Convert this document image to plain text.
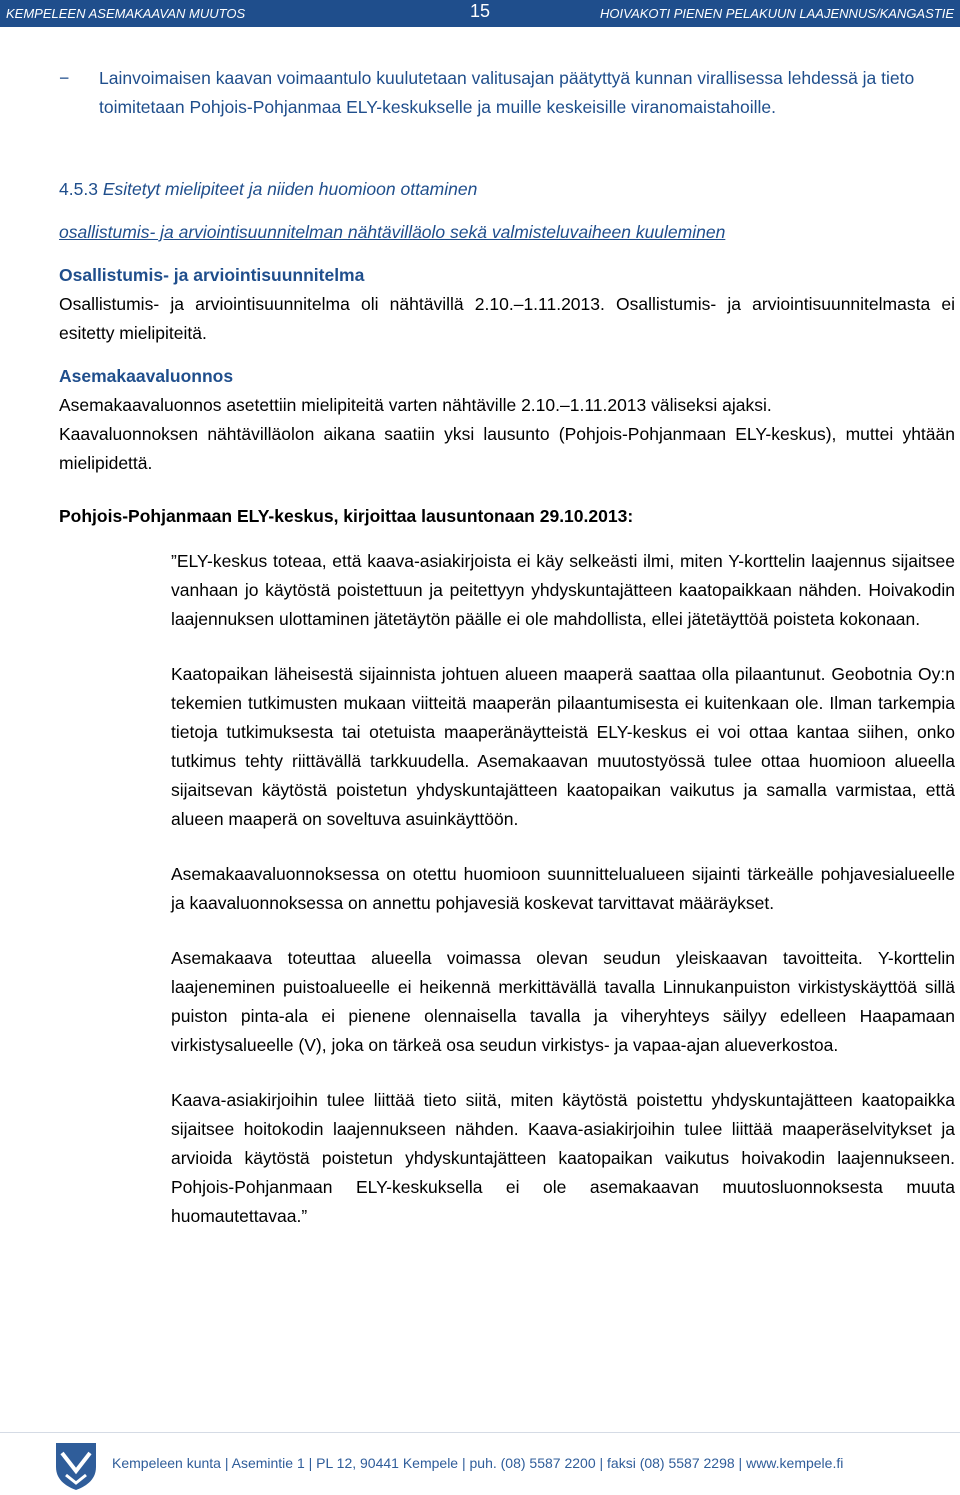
KEMPELEEN ASEMAKAAVAN MUUTOS	15	HOIVAKOTI PIENEN PELAKUUN LAAJENNUS/KANGASTIE
− Lainvoimaisen kaavan voimaantulo kuulutetaan valitusajan päätyttyä kunnan virallisessa lehdessä ja tieto toimitetaan Pohjois-Pohjanmaa ELY-keskukselle ja muille keskeisille viranomaistahoille.

4.5.3 Esitetyt mielipiteet ja niiden huomioon ottaminen

osallistumis- ja arviointisuunnitelman nähtävilläolo sekä valmisteluvaiheen kuuleminen

Osallistumis- ja arviointisuunnitelma

Osallistumis- ja arviointisuunnitelma oli nähtävillä 2.10.–1.11.2013. Osallistumis- ja arviointisuunnitelmasta ei esitetty mielipiteitä.

Asemakaavaluonnos

Asemakaavaluonnos asetettiin mielipiteitä varten nähtäville 2.10.–1.11.2013 väliseksi ajaksi.

Kaavaluonnoksen nähtävilläolon aikana saatiin yksi lausunto (Pohjois-Pohjanmaan ELY-keskus), muttei yhtään mielipidettä.

Pohjois-Pohjanmaan ELY-keskus, kirjoittaa lausuntonaan 29.10.2013:

”ELY-keskus toteaa, että kaava-asiakirjoista ei käy selkeästi ilmi, miten Y-korttelin laajennus sijaitsee vanhaan jo käytöstä poistettuun ja peitettyyn yhdyskuntajätteen kaatopaikkaan nähden. Hoivakodin laajennuksen ulottaminen jätetäytön päälle ei ole mahdollista, ellei jätetäyttöä poisteta kokonaan.

Kaatopaikan läheisestä sijainnista johtuen alueen maaperä saattaa olla pilaantunut. Geobotnia Oy:n tekemien tutkimusten mukaan viitteitä maaperän pilaantumisesta ei kuitenkaan ole. Ilman tarkempia tietoja tutkimuksesta tai otetuista maaperänäytteistä ELY-keskus ei voi ottaa kantaa siihen, onko tutkimus tehty riittävällä tarkkuudella. Asemakaavan muutostyössä tulee ottaa huomioon alueella sijaitsevan käytöstä poistetun yhdyskuntajätteen kaatopaikan vaikutus ja samalla varmistaa, että alueen maaperä on soveltuva asuinkäyttöön.

Asemakaavaluonnoksessa on otettu huomioon suunnittelualueen sijainti tärkeälle pohjavesialueelle ja kaavaluonnoksessa on annettu pohjavesiä koskevat tarvittavat määräykset.

Asemakaava toteuttaa alueella voimassa olevan seudun yleiskaavan tavoitteita. Y-korttelin laajeneminen puistoalueelle ei heikennä merkittävällä tavalla Linnukanpuiston virkistyskäyttöä sillä puiston pinta-ala ei pienene olennaisella tavalla ja viheryhteys säilyy edelleen Haapamaan virkistysalueelle (V), joka on tärkeä osa seudun virkistys- ja vapaa-ajan alueverkostoa.

Kaava-asiakirjoihin tulee liittää tieto siitä, miten käytöstä poistettu yhdyskuntajätteen kaatopaikka sijaitsee hoitokodin laajennukseen nähden. Kaava-asiakirjoihin tulee liittää maaperäselvitykset ja arvioida käytöstä poistetun yhdyskuntajätteen kaatopaikan vaikutus hoivakodin laajennukseen. Pohjois-Pohjanmaan ELY-keskuksella ei ole asemakaavan muutosluonnoksesta muuta huomautettavaa.”

Kempeleen kunta | Asemintie 1 | PL 12, 90441 Kempele | puh. (08) 5587 2200 | faksi (08) 5587 2298 | www.kempele.fi
